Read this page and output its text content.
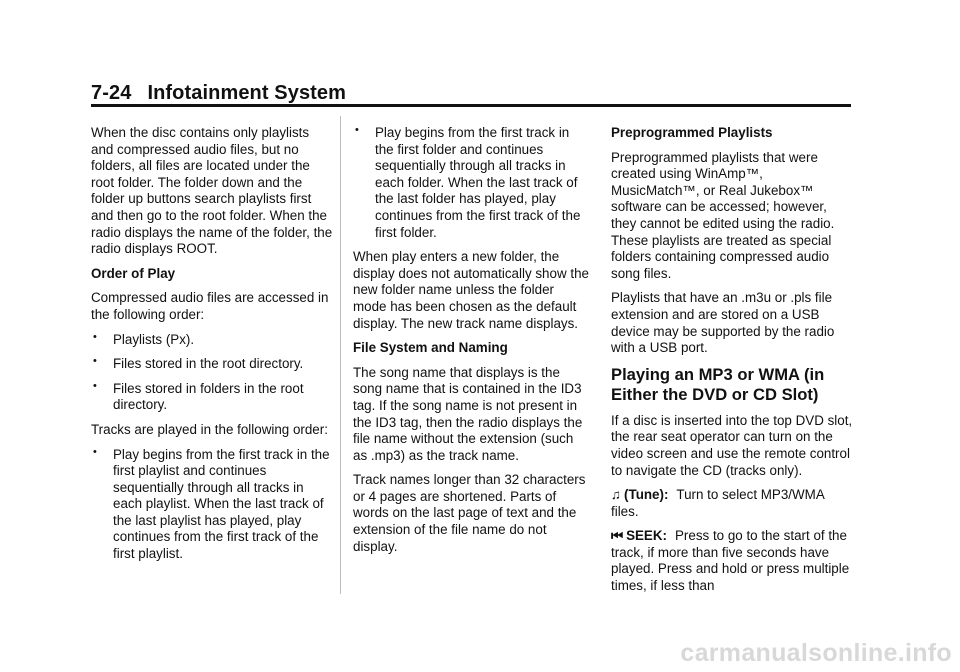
7-24 Infotainment System

When the disc contains only playlists and compressed audio files, but no folders, all files are located under the root folder. The folder down and the folder up buttons search playlists first and then go to the root folder. When the radio displays the name of the folder, the radio displays ROOT.

Order of Play

Compressed audio files are accessed in the following order:

• Playlists (Px).
• Files stored in the root directory.
• Files stored in folders in the root directory.

Tracks are played in the following order:

• Play begins from the first track in the first playlist and continues sequentially through all tracks in each playlist. When the last track of the last playlist has played, play continues from the first track of the first playlist.
• Play begins from the first track in the first folder and continues sequentially through all tracks in each folder. When the last track of the last folder has played, play continues from the first track of the first folder.

When play enters a new folder, the display does not automatically show the new folder name unless the folder mode has been chosen as the default display. The new track name displays.

File System and Naming

The song name that displays is the song name that is contained in the ID3 tag. If the song name is not present in the ID3 tag, then the radio displays the file name without the extension (such as .mp3) as the track name.

Track names longer than 32 characters or 4 pages are shortened. Parts of words on the last page of text and the extension of the file name do not display.

Preprogrammed Playlists

Preprogrammed playlists that were created using WinAmp™, MusicMatch™, or Real Jukebox™ software can be accessed; however, they cannot be edited using the radio. These playlists are treated as special folders containing compressed audio song files.

Playlists that have an .m3u or .pls file extension and are stored on a USB device may be supported by the radio with a USB port.

Playing an MP3 or WMA (in Either the DVD or CD Slot)

If a disc is inserted into the top DVD slot, the rear seat operator can turn on the video screen and use the remote control to navigate the CD (tracks only).

♫ (Tune): Turn to select MP3/WMA files.

⏮ SEEK: Press to go to the start of the track, if more than five seconds have played. Press and hold or press multiple times, if less than

carmanualsonline.info
